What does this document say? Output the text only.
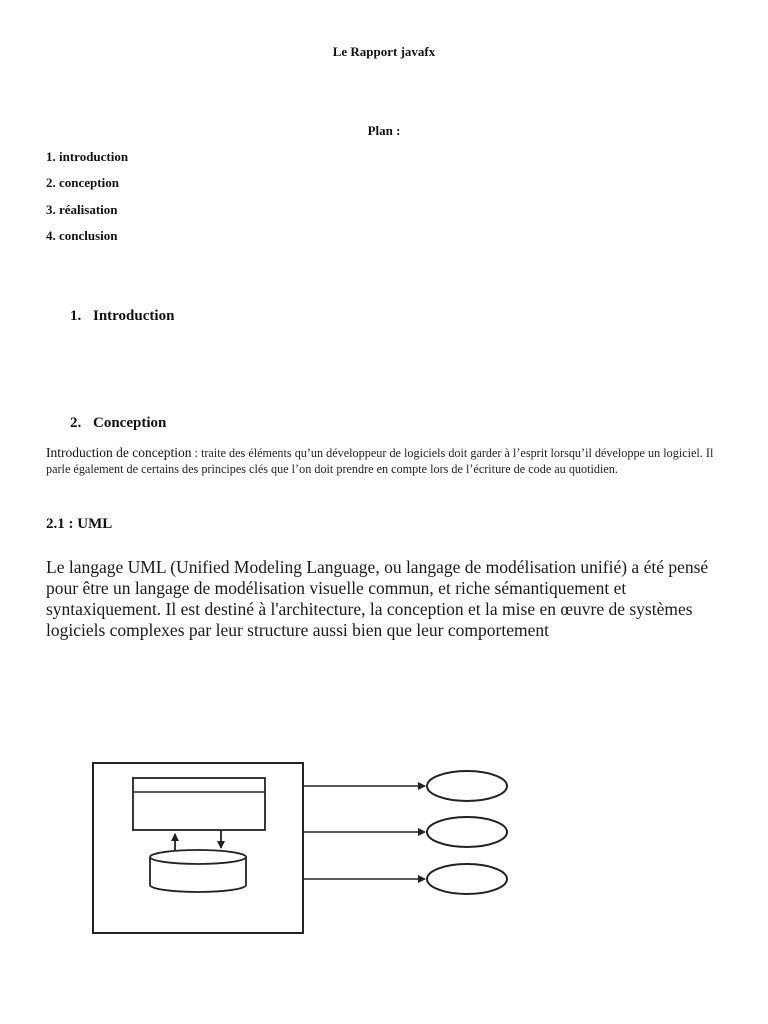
Le Rapport javafx
Plan :
1. introduction
2. conception
3. réalisation
4. conclusion
1. Introduction
2. Conception

Introduction de conception : traite des éléments qu’un développeur de logiciels doit garder à l’esprit lorsqu’il développe un logiciel. Il parle également de certains des principes clés que l’on doit prendre en compte lors de l’écriture de code au quotidien.

2.1 : UML

Le langage UML (Unified Modeling Language, ou langage de modélisation unifié) a été pensé pour être un langage de modélisation visuelle commun, et riche sémantiquement et syntaxiquement. Il est destiné à l'architecture, la conception et la mise en œuvre de systèmes logiciels complexes par leur structure aussi bien que leur comportement
